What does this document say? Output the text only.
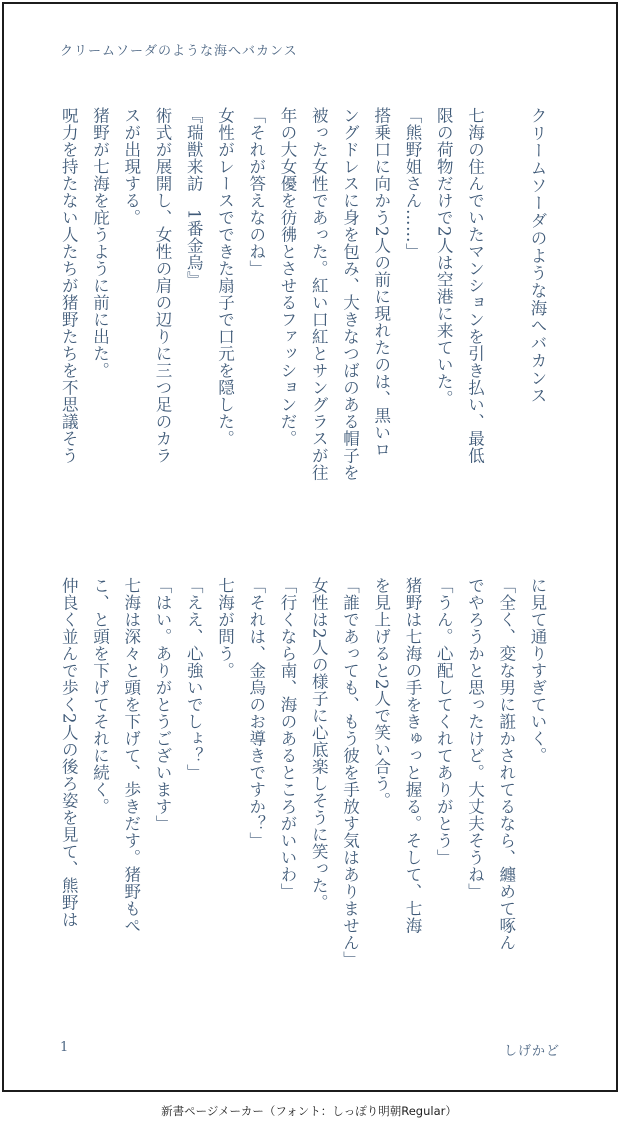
クリームソーダのような海へバカンス
クリームソーダのような海へバカンス
七海の住んでいたマンションを引き払い、最低
限の荷物だけで2人は空港に来ていた。
「熊野姐さん……」
搭乗口に向かう2人の前に現れたのは、黒いロ
ングドレスに身を包み、大きなつばのある帽子を
被った女性であった。紅い口紅とサングラスが往
年の大女優を彷彿とさせるファッションだ。
「それが答えなのね」
女性がレースでできた扇子で口元を隠した。
『瑞獣来訪　1番金烏』
術式が展開し、女性の肩の辺りに三つ足のカラ
スが出現する。
猪野が七海を庇うように前に出た。
呪力を持たない人たちが猪野たちを不思議そう
に見て通りすぎていく。
「全く、変な男に誑かされてるなら、纏めて啄ん
でやろうかと思ったけど。大丈夫そうね」
「うん。心配してくれてありがとう」
猪野は七海の手をきゅっと握る。そして、七海
を見上げると2人で笑い合う。
「誰であっても、もう彼を手放す気はありません」
女性は2人の様子に心底楽しそうに笑った。
「行くなら南、海のあるところがいいわ」
「それは、金烏のお導きですか？」
七海が問う。
「ええ、心強いでしょ？」
「はい。ありがとうございます」
七海は深々と頭を下げて、歩きだす。猪野もぺ
こ、と頭を下げてそれに続く。
仲良く並んで歩く2人の後ろ姿を見て、熊野は
1	しげかど
新書ページメーカー（フォント：しっぽり明朝Regular）
